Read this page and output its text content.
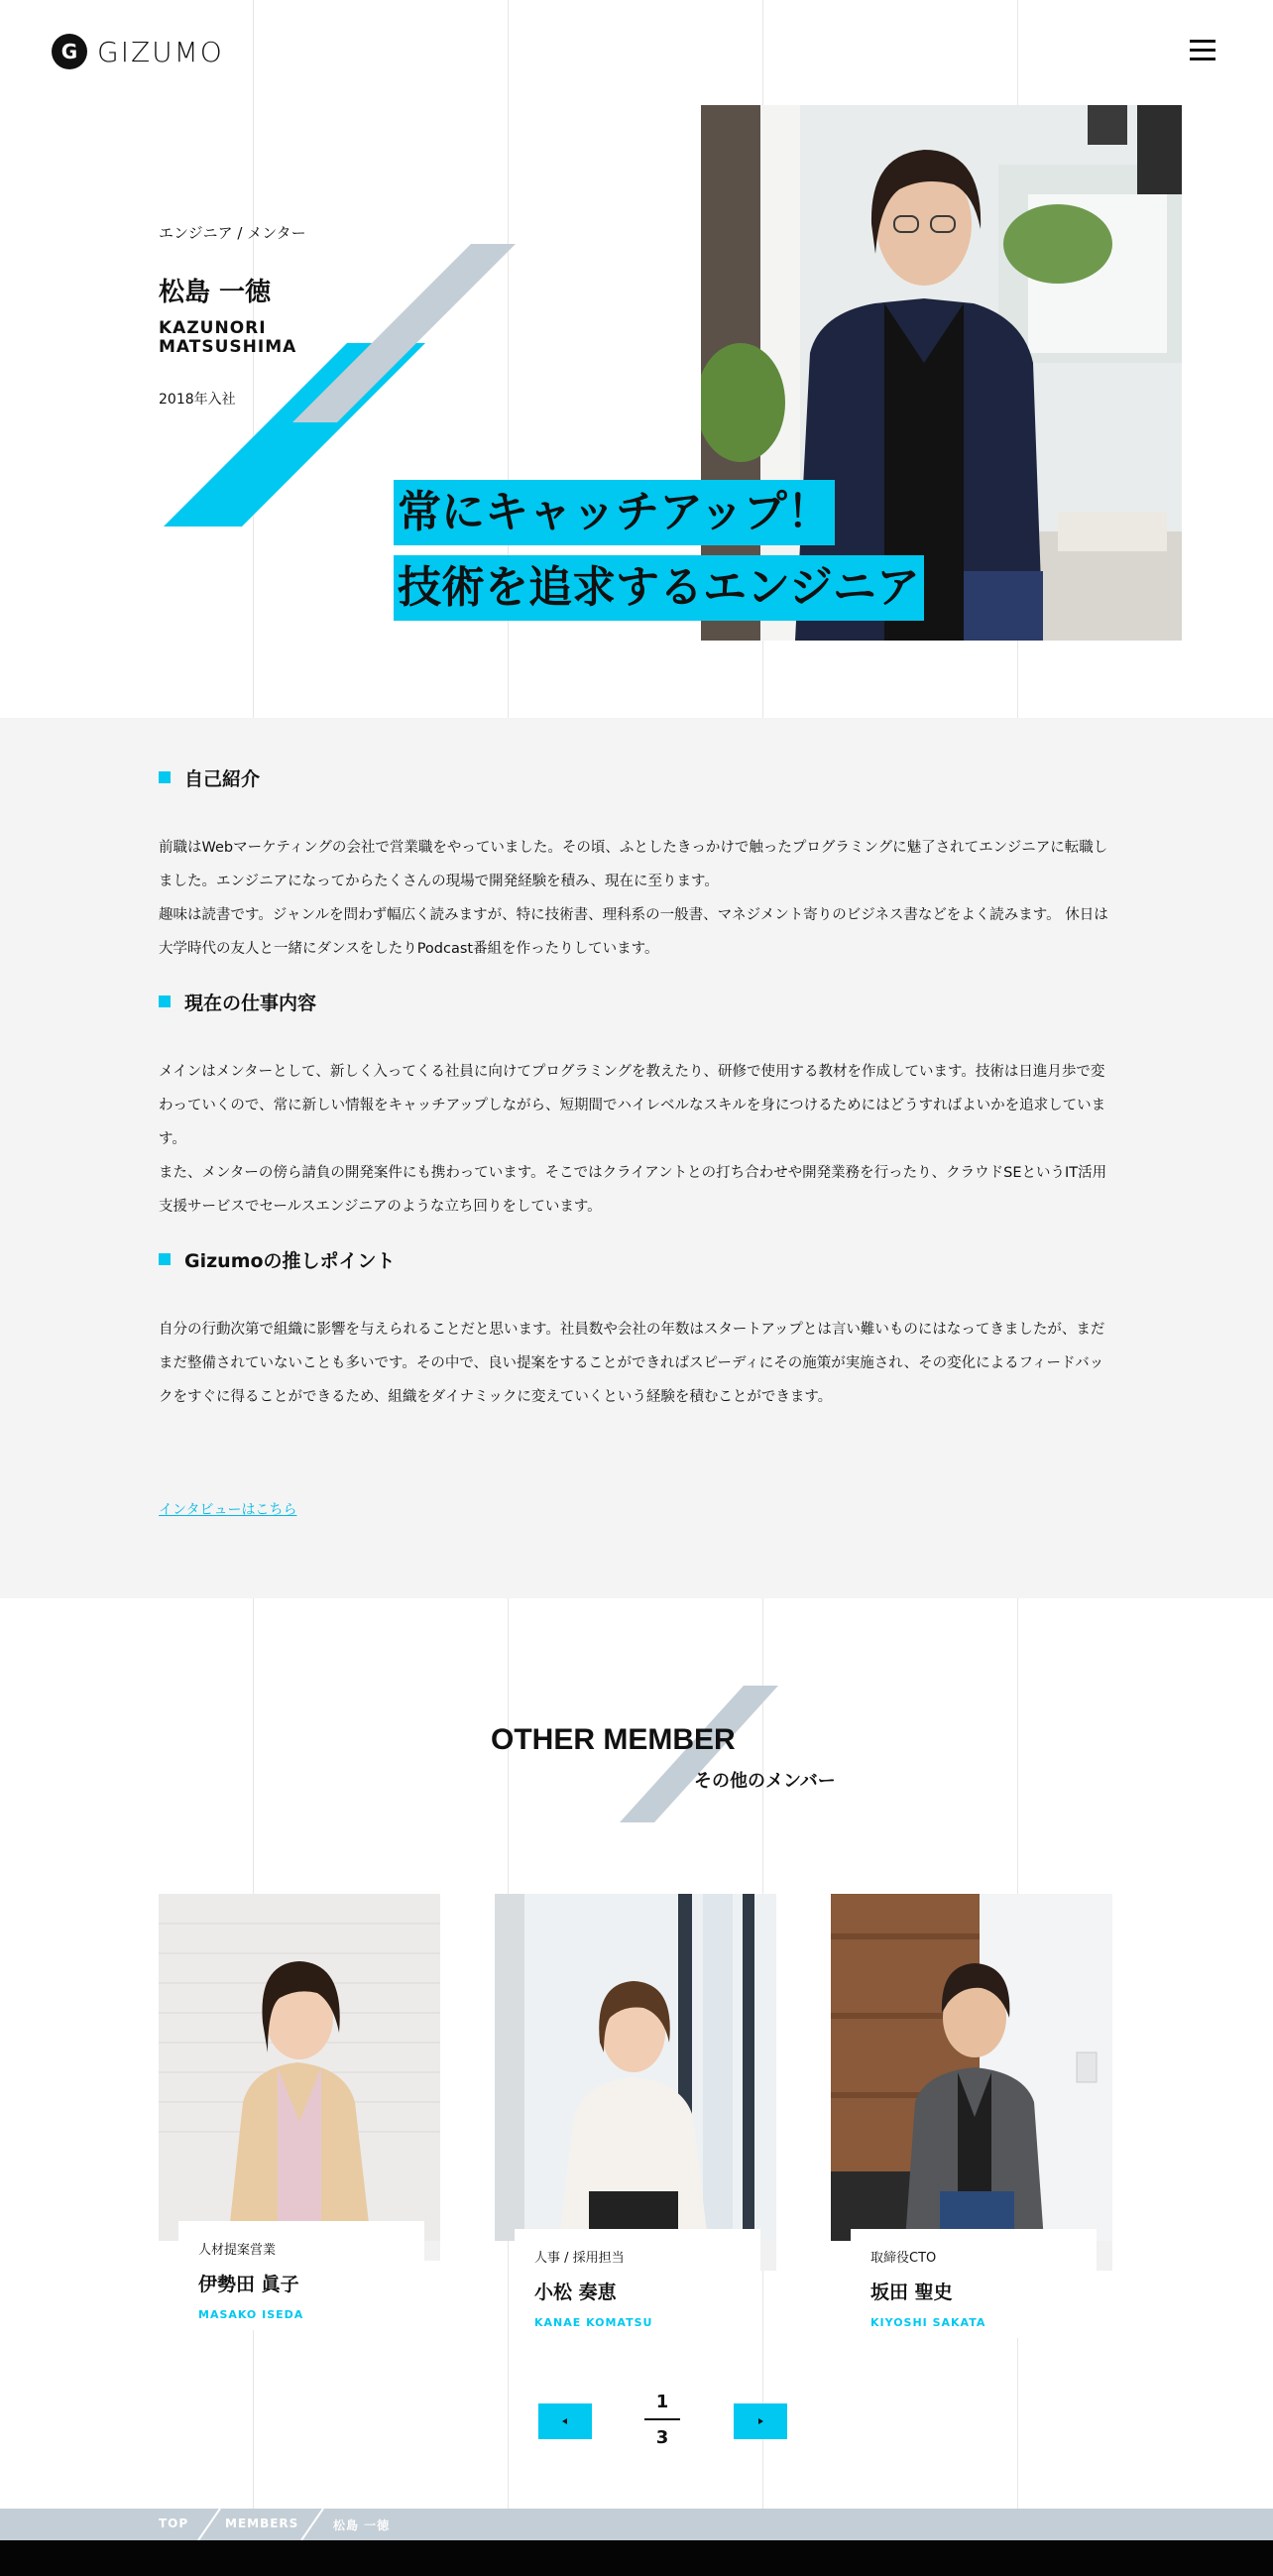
G GIZUMO
エンジニア / メンター
松島 一徳
KAZUNORI MATSUSHIMA
2018年入社
常にキャッチアップ！
技術を追求するエンジニア
自己紹介

前職はWebマーケティングの会社で営業職をやっていました。その頃、ふとしたきっかけで触ったプログラミングに魅了されてエンジニアに転職しました。エンジニアになってからたくさんの現場で開発経験を積み、現在に至ります。

趣味は読書です。ジャンルを問わず幅広く読みますが、特に技術書、理科系の一般書、マネジメント寄りのビジネス書などをよく読みます。 休日は大学時代の友人と一緒にダンスをしたりPodcast番組を作ったりしています。

現在の仕事内容

メインはメンターとして、新しく入ってくる社員に向けてプログラミングを教えたり、研修で使用する教材を作成しています。技術は日進月歩で変わっていくので、常に新しい情報をキャッチアップしながら、短期間でハイレベルなスキルを身につけるためにはどうすればよいかを追求しています。

また、メンターの傍ら請負の開発案件にも携わっています。そこではクライアントとの打ち合わせや開発業務を行ったり、クラウドSEというIT活用支援サービスでセールスエンジニアのような立ち回りをしています。

Gizumoの推しポイント

自分の行動次第で組織に影響を与えられることだと思います。社員数や会社の年数はスタートアップとは言い難いものにはなってきましたが、まだまだ整備されていないことも多いです。その中で、良い提案をすることができればスピーディにその施策が実施され、その変化によるフィードバックをすぐに得ることができるため、組織をダイナミックに変えていくという経験を積むことができます。

インタビューはこちら
OTHER MEMBER
その他のメンバー
人材提案営業
伊勢田 眞子
MASAKO ISEDA
人事 / 採用担当
小松 奏恵
KANAE KOMATSU
取締役CTO
坂田 聖史
KIYOSHI SAKATA
1
3
TOP	MEMBERS	松島 一徳
